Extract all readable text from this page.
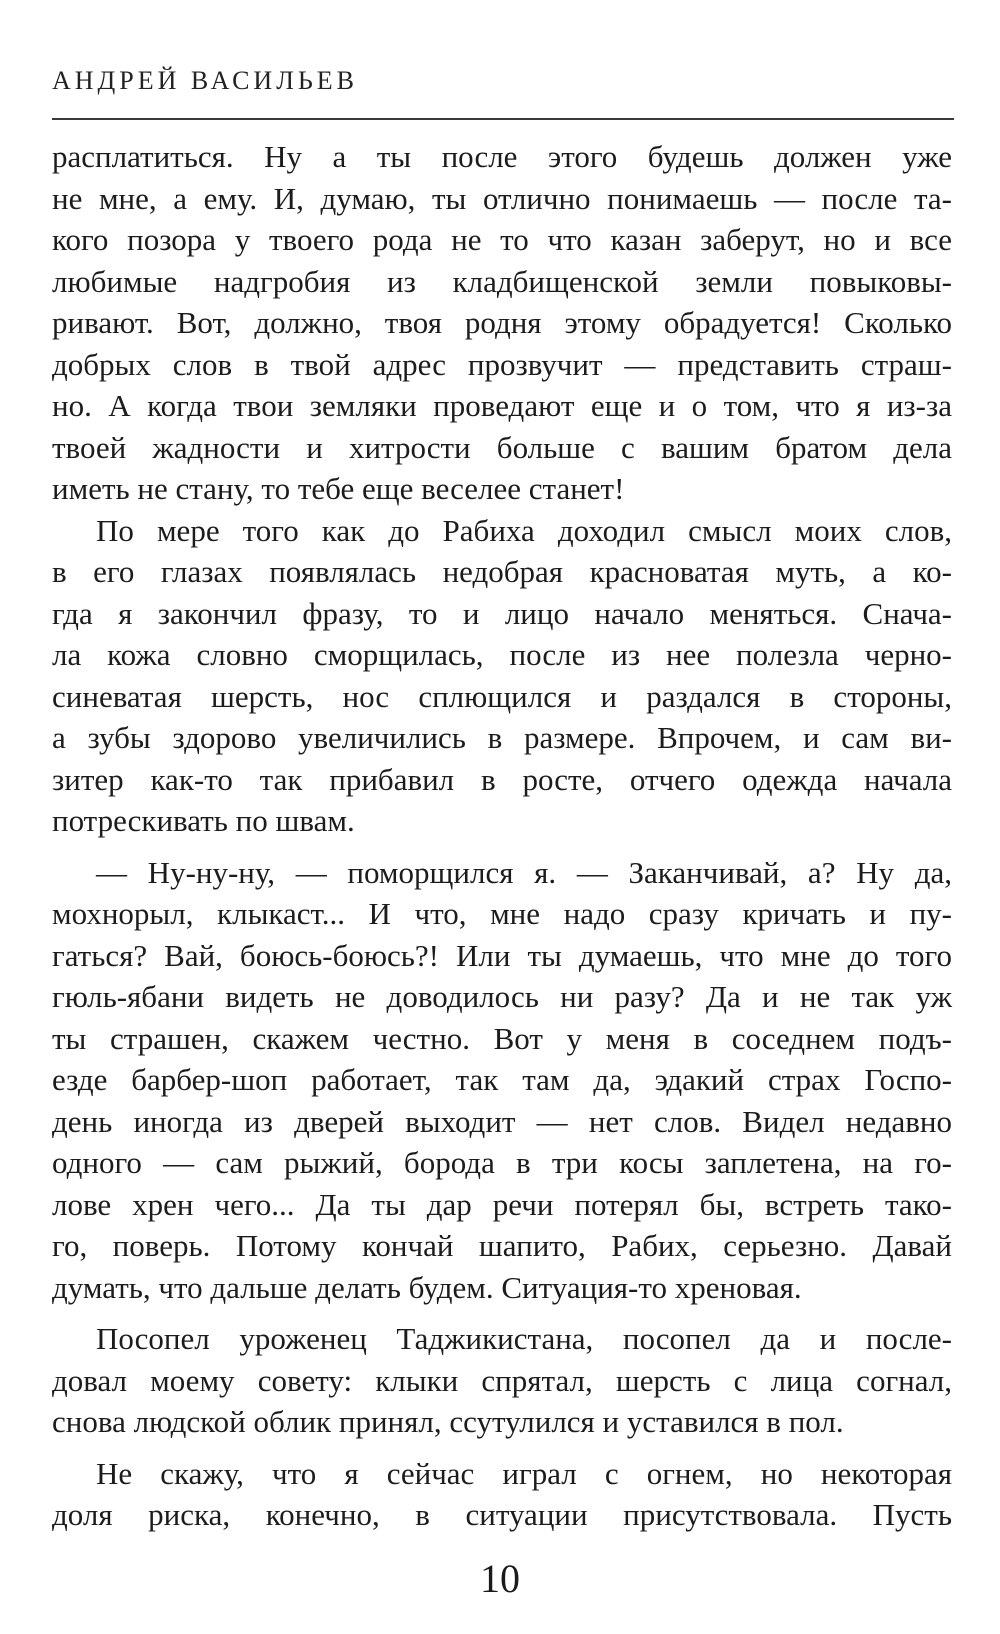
АНДРЕЙ ВАСИЛЬЕВ
расплатиться. Ну а ты после этого будешь должен уже
не мне, а ему. И, думаю, ты отлично понимаешь — после та-
кого позора у твоего рода не то что казан заберут, но и все
любимые надгробия из кладбищенской земли повыковы-
ривают. Вот, должно, твоя родня этому обрадуется! Сколько
добрых слов в твой адрес прозвучит — представить страш-
но. А когда твои земляки проведают еще и о том, что я из-за
твоей жадности и хитрости больше с вашим братом дела
иметь не стану, то тебе еще веселее станет!
По мере того как до Рабиха доходил смысл моих слов,
в его глазах появлялась недобрая красноватая муть, а ко-
гда я закончил фразу, то и лицо начало меняться. Сначa-
ла кожа словно сморщилась, после из нее полезла черно-
синеватая шерсть, нос сплющился и раздался в стороны,
а зубы здорово увеличились в размере. Впрочем, и сам ви-
зитер как-то так прибавил в росте, отчего одежда начала
потрескивать по швам.
— Ну-ну-ну, — поморщился я. — Заканчивай, а? Ну да,
мохнорыл, клыкаст... И что, мне надо сразу кричать и пу-
гаться? Вай, боюсь-боюсь?! Или ты думаешь, что мне до того
гюль-ябани видеть не доводилось ни разу? Да и не так уж
ты страшен, скажем честно. Вот у меня в соседнем подъ-
езде барбер-шоп работает, так там да, эдакий страх Госпо-
день иногда из дверей выходит — нет слов. Видел недавно
одного — сам рыжий, борода в три косы заплетена, на го-
лове хрен чего... Да ты дар речи потерял бы, встреть тако-
го, поверь. Потому кончай шапито, Рабих, серьезно. Давай
думать, что дальше делать будем. Ситуация-то хреновая.
Посопел уроженец Таджикистана, посопел да и после-
довал моему совету: клыки спрятал, шерсть с лица согнал,
снова людской облик принял, ссутулился и уставился в пол.
Не скажу, что я сейчас играл с огнем, но некоторая
доля риска, конечно, в ситуации присутствовала. Пусть
10
